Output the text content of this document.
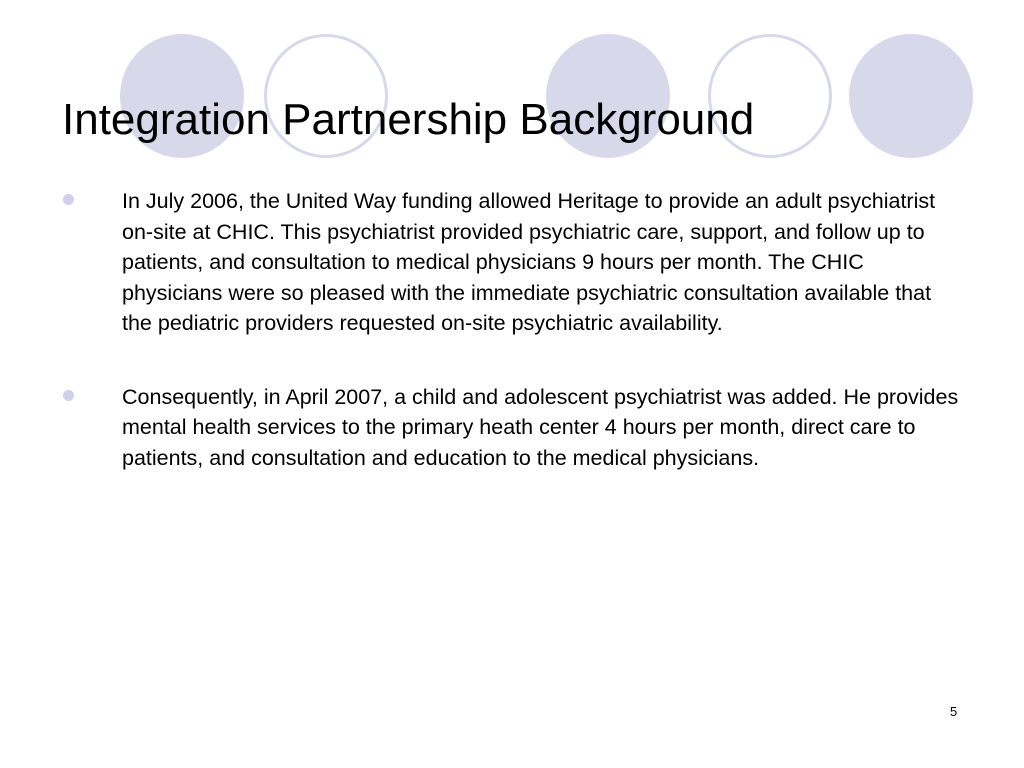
Integration Partnership Background
In July 2006, the United Way funding allowed Heritage to provide an adult psychiatrist on-site at CHIC. This psychiatrist provided psychiatric care, support, and follow up to patients, and consultation to medical physicians 9 hours per month. The CHIC physicians were so pleased with the immediate psychiatric consultation available that the pediatric providers requested on-site psychiatric availability.
Consequently, in April 2007, a child and adolescent psychiatrist was added. He provides mental health services to the primary heath center 4 hours per month, direct care to patients, and consultation and education to the medical physicians.
5
